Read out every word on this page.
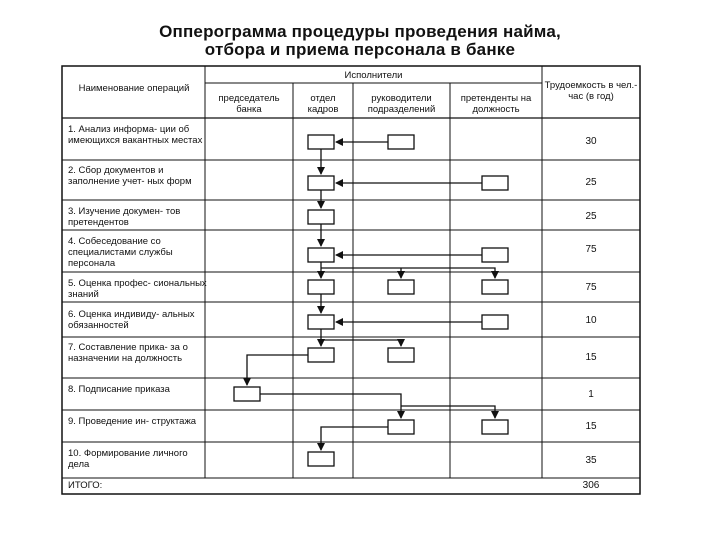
Опперограмма процедуры проведения найма,
отбора и приема персонала в банке
Наименование операций
Исполнители
председатель банка
отдел кадров
руководители подразделений
претенденты на должность
Трудоемкость в чел.-час (в год)
1. Анализ информа- ции об имеющихся вакантных местах
2. Сбор документов и заполнение учет- ных форм
3. Изучение докумен- тов претендентов
4. Собеседование со специалистами службы персонала
5. Оценка профес- сиональных знаний
6. Оценка индивиду- альных обязанностей
7. Составление прика- за о назначении на должность
8. Подписание приказа
9. Проведение ин- структажа
10. Формирование личного дела
ИТОГО:
30
25
25
75
75
10
15
1
15
35
306
